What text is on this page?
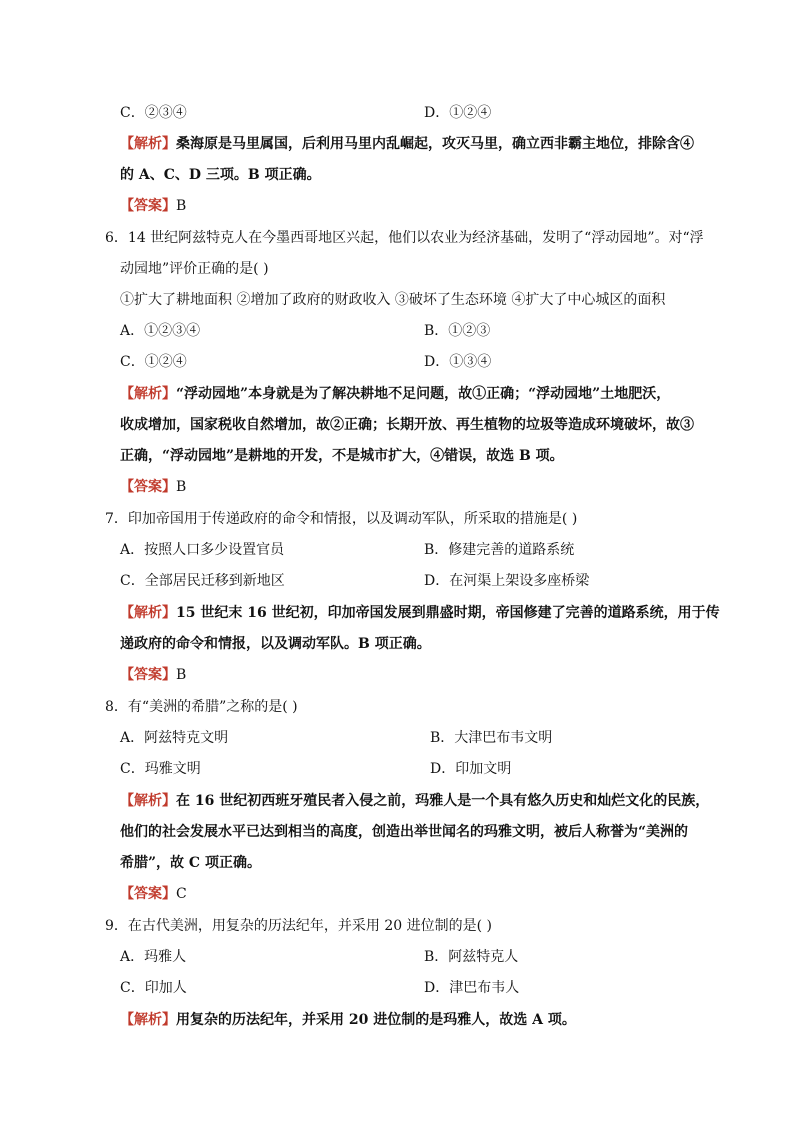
C．②③④	D．①②④
【解析】桑海原是马里属国，后利用马里内乱崛起，攻灭马里，确立西非霸主地位，排除含④
的 A、C、D 三项。B 项正确。
【答案】B
6．14 世纪阿兹特克人在今墨西哥地区兴起，他们以农业为经济基础，发明了“浮动园地”。对“浮
动园地”评价正确的是( )
①扩大了耕地面积 ②增加了政府的财政收入 ③破坏了生态环境 ④扩大了中心城区的面积
A．①②③④	B．①②③
C．①②④	D．①③④
【解析】“浮动园地”本身就是为了解决耕地不足问题，故①正确；“浮动园地”土地肥沃，
收成增加，国家税收自然增加，故②正确；长期开放、再生植物的垃圾等造成环境破坏，故③
正确，“浮动园地”是耕地的开发，不是城市扩大，④错误，故选 B 项。
【答案】B
7．印加帝国用于传递政府的命令和情报，以及调动军队，所采取的措施是( )
A．按照人口多少设置官员	B．修建完善的道路系统
C．全部居民迁移到新地区	D．在河渠上架设多座桥梁
【解析】15 世纪末 16 世纪初，印加帝国发展到鼎盛时期，帝国修建了完善的道路系统，用于传
递政府的命令和情报，以及调动军队。B 项正确。
【答案】B
8．有“美洲的希腊”之称的是( )
A．阿兹特克文明	B．大津巴布韦文明
C．玛雅文明	D．印加文明
【解析】在 16 世纪初西班牙殖民者入侵之前，玛雅人是一个具有悠久历史和灿烂文化的民族，
他们的社会发展水平已达到相当的高度，创造出举世闻名的玛雅文明，被后人称誉为“美洲的
希腊”，故 C 项正确。
【答案】C
9．在古代美洲，用复杂的历法纪年，并采用 20 进位制的是( )
A．玛雅人	B．阿兹特克人
C．印加人	D．津巴布韦人
【解析】用复杂的历法纪年，并采用 20 进位制的是玛雅人，故选 A 项。
